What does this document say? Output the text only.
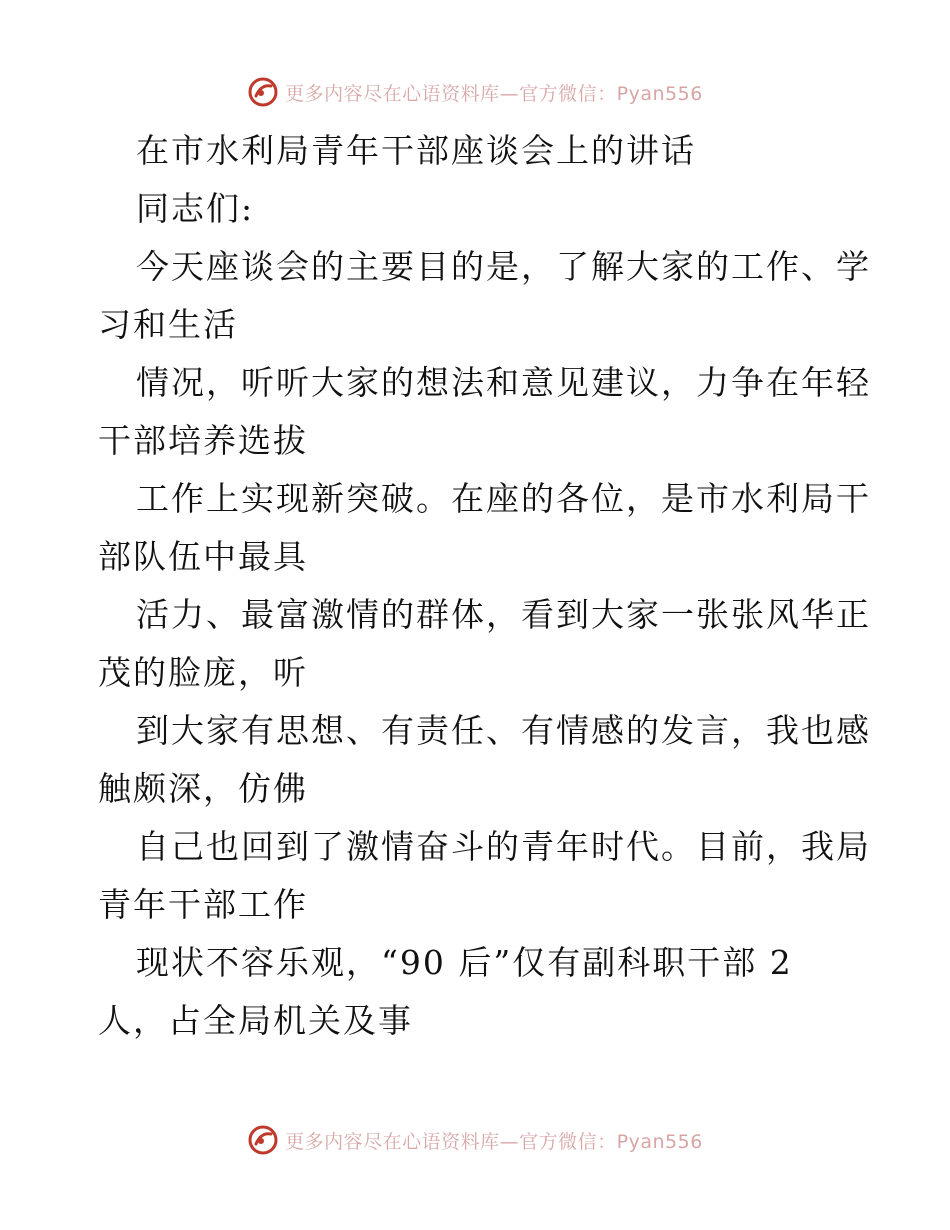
更多内容尽在心语资料库—官方微信：Pyan556
在市水利局青年干部座谈会上的讲话
同志们:
今天座谈会的主要目的是，了解大家的工作、学
习和生活
情况，听听大家的想法和意见建议，力争在年轻
干部培养选拔
工作上实现新突破。在座的各位，是市水利局干
部队伍中最具
活力、最富激情的群体，看到大家一张张风华正
茂的脸庞，听
到大家有思想、有责任、有情感的发言，我也感
触颇深，仿佛
自己也回到了激情奋斗的青年时代。目前，我局
青年干部工作
现状不容乐观，“90 后”仅有副科职干部 2
人，占全局机关及事
更多内容尽在心语资料库—官方微信：Pyan556
